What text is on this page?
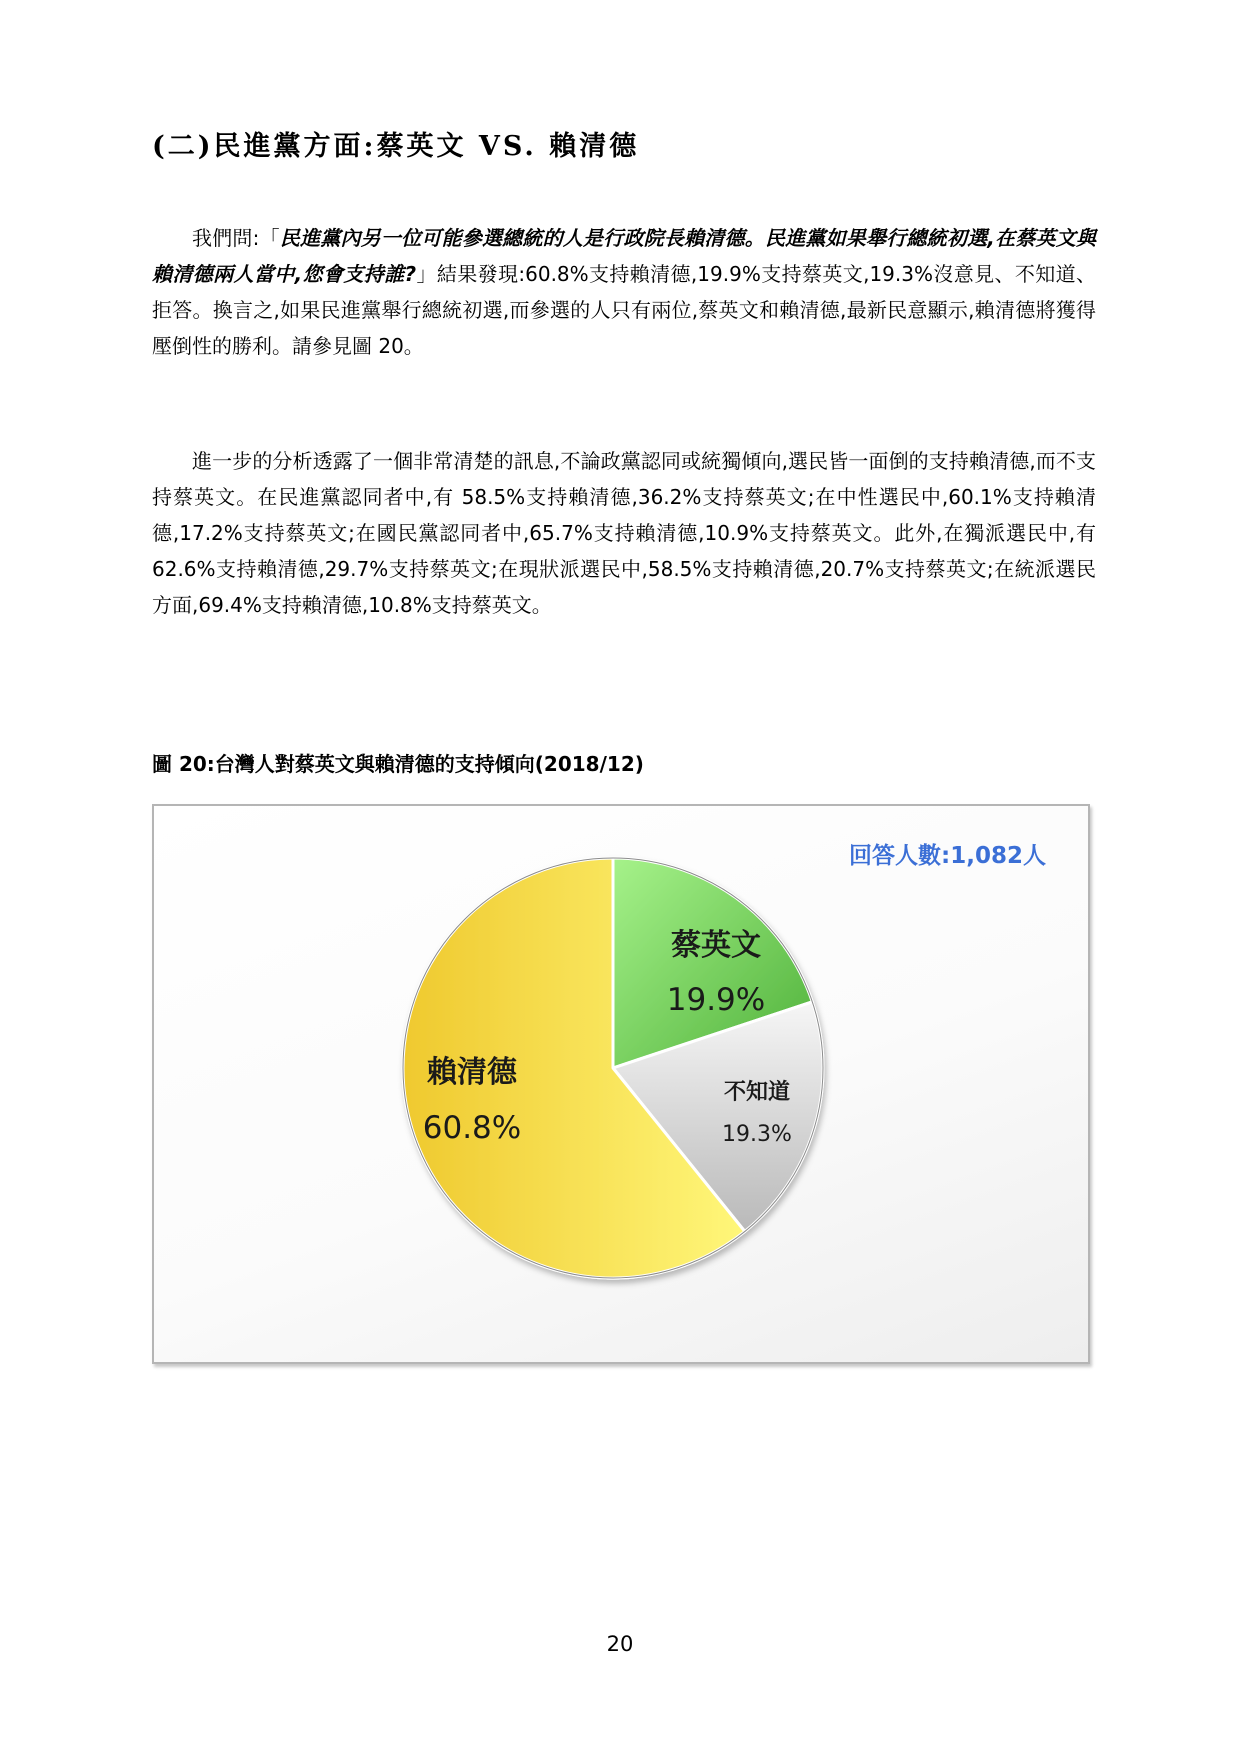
(二)民進黨方面:蔡英文 VS. 賴清德

我們問:「民進黨內另一位可能參選總統的人是行政院長賴清德。民進黨如果舉行總統初選,在蔡英文與賴清德兩人當中,您會支持誰?」結果發現:60.8%支持賴清德,19.9%支持蔡英文,19.3%沒意見、不知道、拒答。換言之,如果民進黨舉行總統初選,而參選的人只有兩位,蔡英文和賴清德,最新民意顯示,賴清德將獲得壓倒性的勝利。請參見圖 20。

進一步的分析透露了一個非常清楚的訊息,不論政黨認同或統獨傾向,選民皆一面倒的支持賴清德,而不支持蔡英文。在民進黨認同者中,有 58.5%支持賴清德,36.2%支持蔡英文;在中性選民中,60.1%支持賴清德,17.2%支持蔡英文;在國民黨認同者中,65.7%支持賴清德,10.9%支持蔡英文。此外,在獨派選民中,有 62.6%支持賴清德,29.7%支持蔡英文;在現狀派選民中,58.5%支持賴清德,20.7%支持蔡英文;在統派選民方面,69.4%支持賴清德,10.8%支持蔡英文。

圖 20:台灣人對蔡英文與賴清德的支持傾向(2018/12)

回答人數:1,082人
蔡英文
19.9%
不知道
19.3%
賴清德
60.8%
20
